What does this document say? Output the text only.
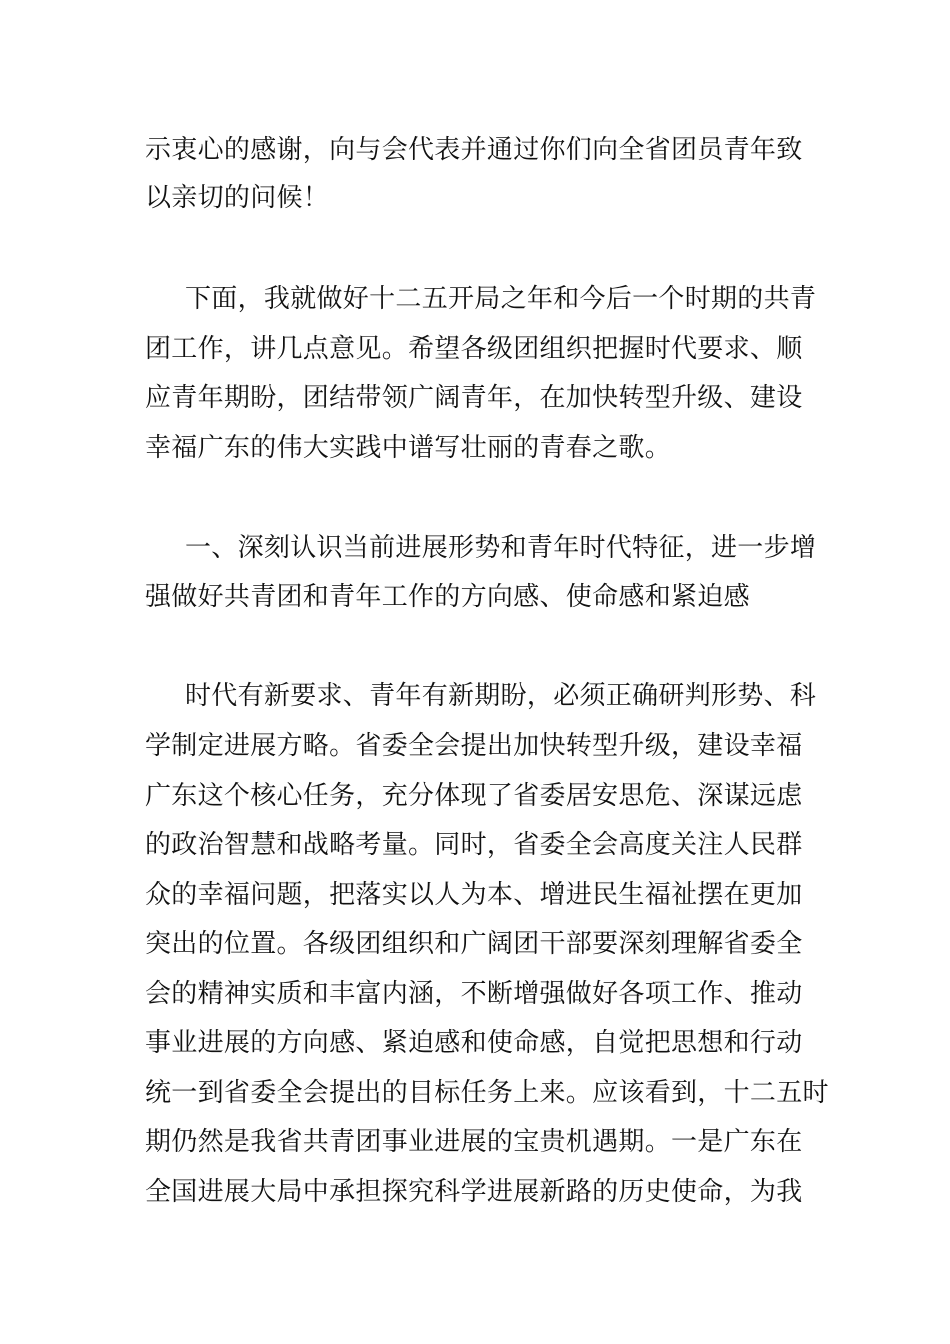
示衷心的感谢，向与会代表并通过你们向全省团员青年致
以亲切的问候！
下面，我就做好十二五开局之年和今后一个时期的共青
团工作，讲几点意见。希望各级团组织把握时代要求、顺
应青年期盼，团结带领广阔青年，在加快转型升级、建设
幸福广东的伟大实践中谱写壮丽的青春之歌。
一、深刻认识当前进展形势和青年时代特征，进一步增
强做好共青团和青年工作的方向感、使命感和紧迫感
时代有新要求、青年有新期盼，必须正确研判形势、科
学制定进展方略。省委全会提出加快转型升级，建设幸福
广东这个核心任务，充分体现了省委居安思危、深谋远虑
的政治智慧和战略考量。同时，省委全会高度关注人民群
众的幸福问题，把落实以人为本、增进民生福祉摆在更加
突出的位置。各级团组织和广阔团干部要深刻理解省委全
会的精神实质和丰富内涵，不断增强做好各项工作、推动
事业进展的方向感、紧迫感和使命感，自觉把思想和行动
统一到省委全会提出的目标任务上来。应该看到，十二五时
期仍然是我省共青团事业进展的宝贵机遇期。一是广东在
全国进展大局中承担探究科学进展新路的历史使命，为我
